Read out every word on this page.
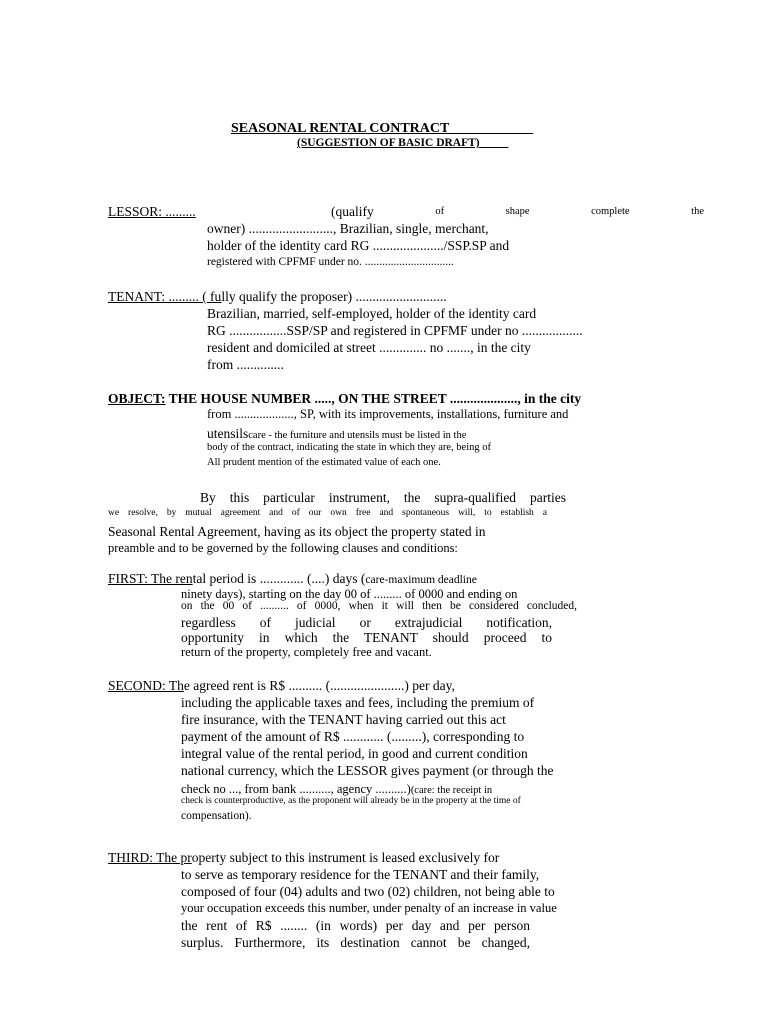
SEASONAL RENTAL CONTRACT
(SUGGESTION OF BASIC DRAFT)
LESSOR: .........	(qualify	of	shape	complete	the
owner) ........................., Brazilian, single, merchant,
holder of the identity card RG ...................../SSP.SP and
registered with CPFMF under no. ...............................
TENANT: ......... ( fully qualify the proposer) ...........................
Brazilian, married, self-employed, holder of the identity card
RG .................SSP/SP and registered in CPFMF under no ..................
resident and domiciled at street .............. no ......., in the city
from ..............
OBJECT: THE HOUSE NUMBER ....., ON THE STREET ...................., in the city
from ..................., SP, with its improvements, installations, furniture and
utensilscare - the furniture and utensils must be listed in the
body of the contract, indicating the state in which they are, being of
All prudent mention of the estimated value of each one.
By this particular instrument, the supra-qualified parties
we resolve, by mutual agreement and of our own free and spontaneous will, to establish a
Seasonal Rental Agreement, having as its object the property stated in
preamble and to be governed by the following clauses and conditions:
FIRST: The rental period is ............. (....) days (care-maximum deadline
ninety days), starting on the day 00 of ......... of 0000 and ending on
on the 00 of .......... of 0000, when it will then be considered concluded,
regardless of judicial or extrajudicial notification,
opportunity in which the TENANT should proceed to
return of the property, completely free and vacant.
SECOND: The agreed rent is R$ .......... (......................) per day,
including the applicable taxes and fees, including the premium of
fire insurance, with the TENANT having carried out this act
payment of the amount of R$ ............ (.........), corresponding to
integral value of the rental period, in good and current condition
national currency, which the LESSOR gives payment (or through the
check no ..., from bank .........., agency ..........)(care: the receipt in
check is counterproductive, as the proponent will already be in the property at the time of
compensation).
THIRD: The property subject to this instrument is leased exclusively for
to serve as temporary residence for the TENANT and their family,
composed of four (04) adults and two (02) children, not being able to
your occupation exceeds this number, under penalty of an increase in value
the rent of R$ ........ (in words) per day and per person
surplus. Furthermore, its destination cannot be changed,
